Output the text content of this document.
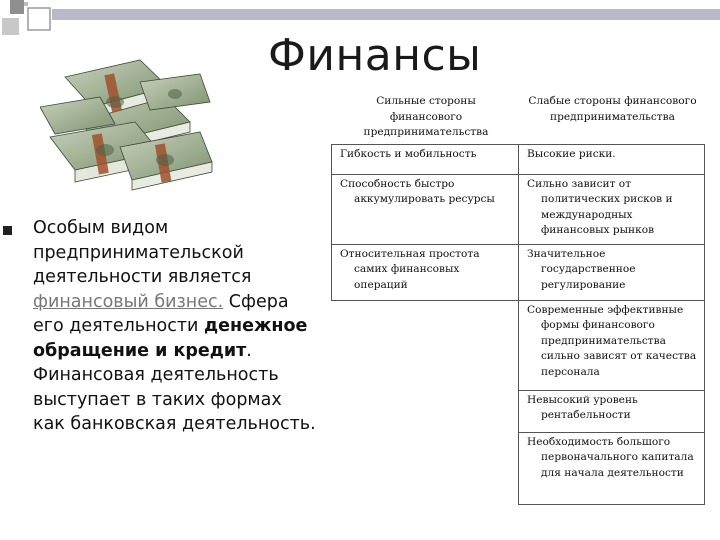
Финансы
Особым видом предпринимательской деятельности является финансовый бизнес. Сфера его деятельности денежное обращение и кредит. Финансовая деятельность выступает в таких формах как банковская деятельность.
Сильные стороны финансового предпринимательства	Слабые стороны финансового предпринимательства
Гибкость и мобильность	Высокие риски.
Способность быстро аккумулировать ресурсы	Сильно зависит от политических рисков и международных финансовых рынков
Относительная простота самих финансовых операций	Значительное государственное регулирование
	Современные эффективные формы финансового предпринимательства сильно зависят от качества персонала
	Невысокий уровень рентабельности
	Необходимость большого первоначального капитала для начала деятельности
